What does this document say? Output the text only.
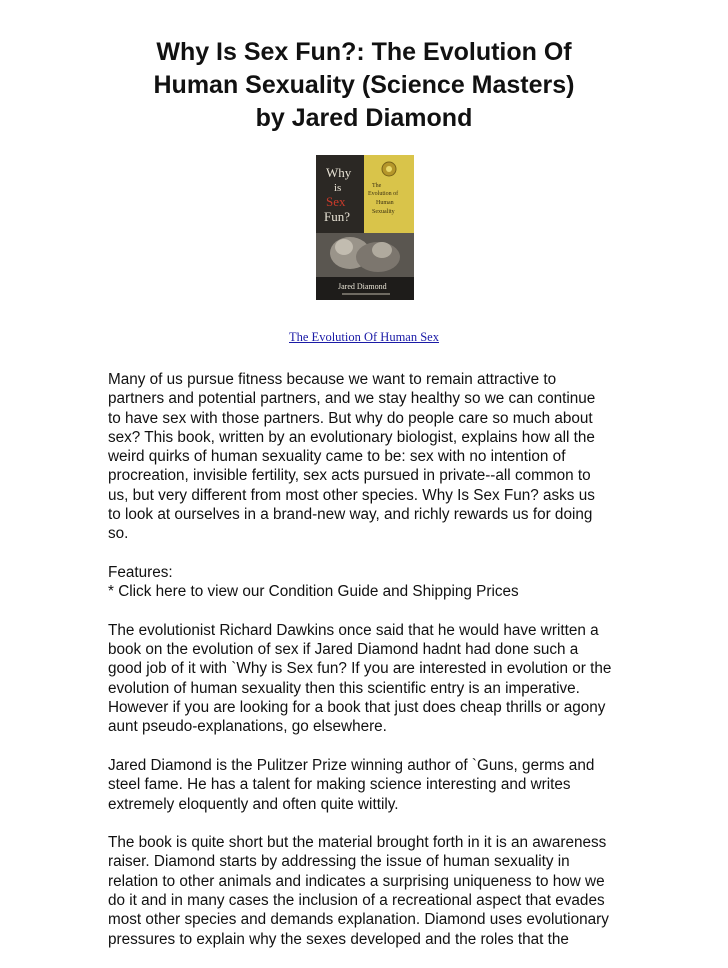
Why Is Sex Fun?: The Evolution Of
Human Sexuality (Science Masters)
by Jared Diamond
Why
is
Sex
Fun?
The
Evolution of
Human
Sexuality
Jared Diamond
The Evolution Of Human Sex

Many of us pursue fitness because we want to remain attractive to
partners and potential partners, and we stay healthy so we can continue
to have sex with those partners. But why do people care so much about
sex? This book, written by an evolutionary biologist, explains how all the
weird quirks of human sexuality came to be: sex with no intention of
procreation, invisible fertility, sex acts pursued in private--all common to
us, but very different from most other species. Why Is Sex Fun? asks us
to look at ourselves in a brand-new way, and richly rewards us for doing
so.

Features:
* Click here to view our Condition Guide and Shipping Prices

The evolutionist Richard Dawkins once said that he would have written a
book on the evolution of sex if Jared Diamond hadnt had done such a
good job of it with `Why is Sex fun? If you are interested in evolution or the
evolution of human sexuality then this scientific entry is an imperative.
However if you are looking for a book that just does cheap thrills or agony
aunt pseudo-explanations, go elsewhere.

Jared Diamond is the Pulitzer Prize winning author of `Guns, germs and
steel fame. He has a talent for making science interesting and writes
extremely eloquently and often quite wittily.

The book is quite short but the material brought forth in it is an awareness
raiser. Diamond starts by addressing the issue of human sexuality in
relation to other animals and indicates a surprising uniqueness to how we
do it and in many cases the inclusion of a recreational aspect that evades
most other species and demands explanation. Diamond uses evolutionary
pressures to explain why the sexes developed and the roles that the
